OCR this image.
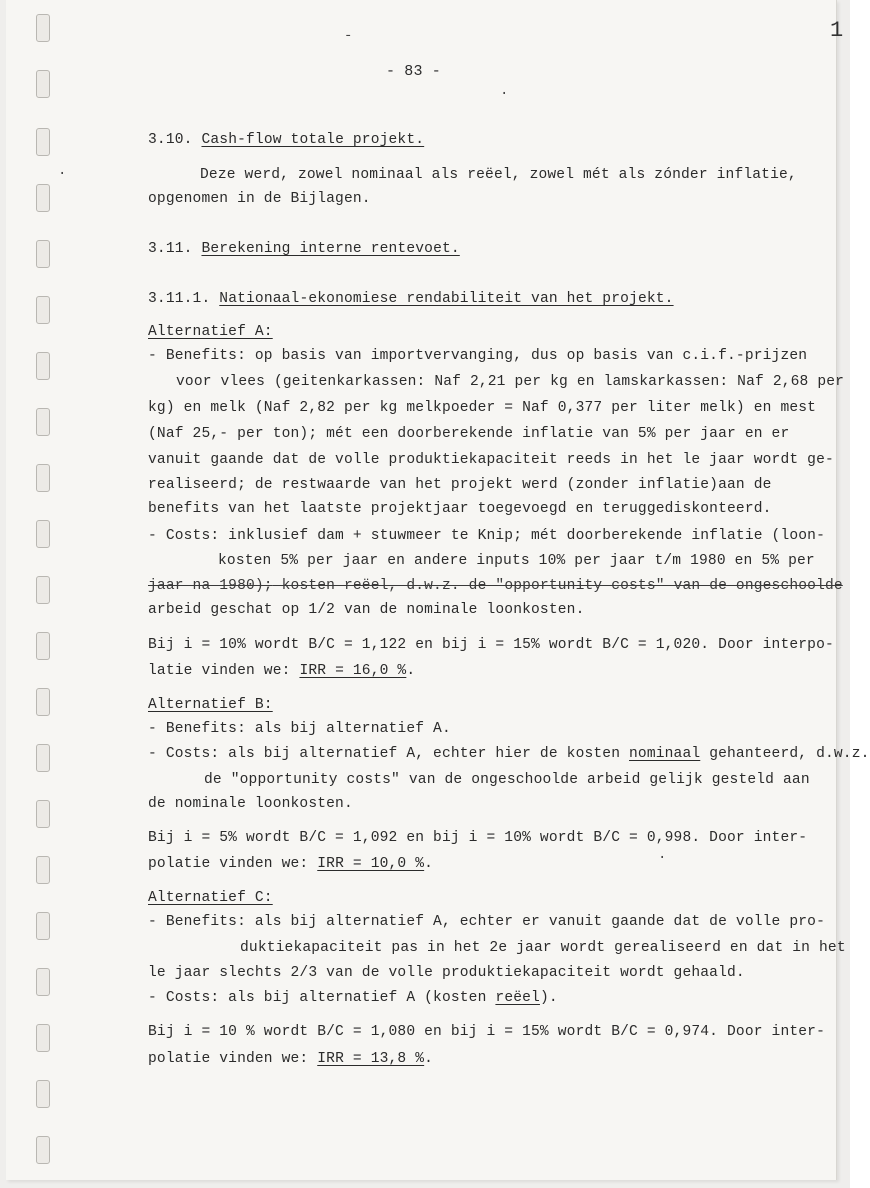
1
-
·
·
·
- 83 -
3.10. Cash-flow totale projekt.
Deze werd, zowel nominaal als reëel, zowel mét als zónder inflatie,
opgenomen in de Bijlagen.
3.11. Berekening interne rentevoet.
3.11.1. Nationaal-ekonomiese rendabiliteit van het projekt.
Alternatief A:
- Benefits: op basis van importvervanging, dus op basis van c.i.f.-prijzen
voor vlees (geitenkarkassen: Naf 2,21 per kg en lamskarkassen: Naf 2,68 per
kg) en melk (Naf 2,82 per kg melkpoeder = Naf 0,377 per liter melk) en mest
(Naf 25,- per ton); mét een doorberekende inflatie van 5% per jaar en er
vanuit gaande dat de volle produktiekapaciteit reeds in het le jaar wordt ge-
realiseerd; de restwaarde van het projekt werd (zonder inflatie)aan de
benefits van het laatste projektjaar toegevoegd en teruggediskonteerd.
- Costs: inklusief dam + stuwmeer te Knip; mét doorberekende inflatie (loon-
kosten 5% per jaar en andere inputs 10% per jaar t/m 1980 en 5% per
jaar na 1980); kosten reëel, d.w.z. de "opportunity costs" van de ongeschoolde
arbeid geschat op 1/2 van de nominale loonkosten.
Bij i = 10% wordt B/C = 1,122 en bij i = 15% wordt B/C = 1,020. Door interpo-
latie vinden we: IRR = 16,0 %.
Alternatief B:
- Benefits: als bij alternatief A.
- Costs: als bij alternatief A, echter hier de kosten nominaal gehanteerd, d.w.z.
de "opportunity costs" van de ongeschoolde arbeid gelijk gesteld aan
de nominale loonkosten.
Bij i = 5% wordt B/C = 1,092 en bij i = 10% wordt B/C = 0,998. Door inter-
polatie vinden we: IRR = 10,0 %.
Alternatief C:
- Benefits: als bij alternatief A, echter er vanuit gaande dat de volle pro-
duktiekapaciteit pas in het 2e jaar wordt gerealiseerd en dat in het
le jaar slechts 2/3 van de volle produktiekapaciteit wordt gehaald.
- Costs: als bij alternatief A (kosten reëel).
Bij i = 10 % wordt B/C = 1,080 en bij i = 15% wordt B/C = 0,974. Door inter-
polatie vinden we: IRR = 13,8 %.
